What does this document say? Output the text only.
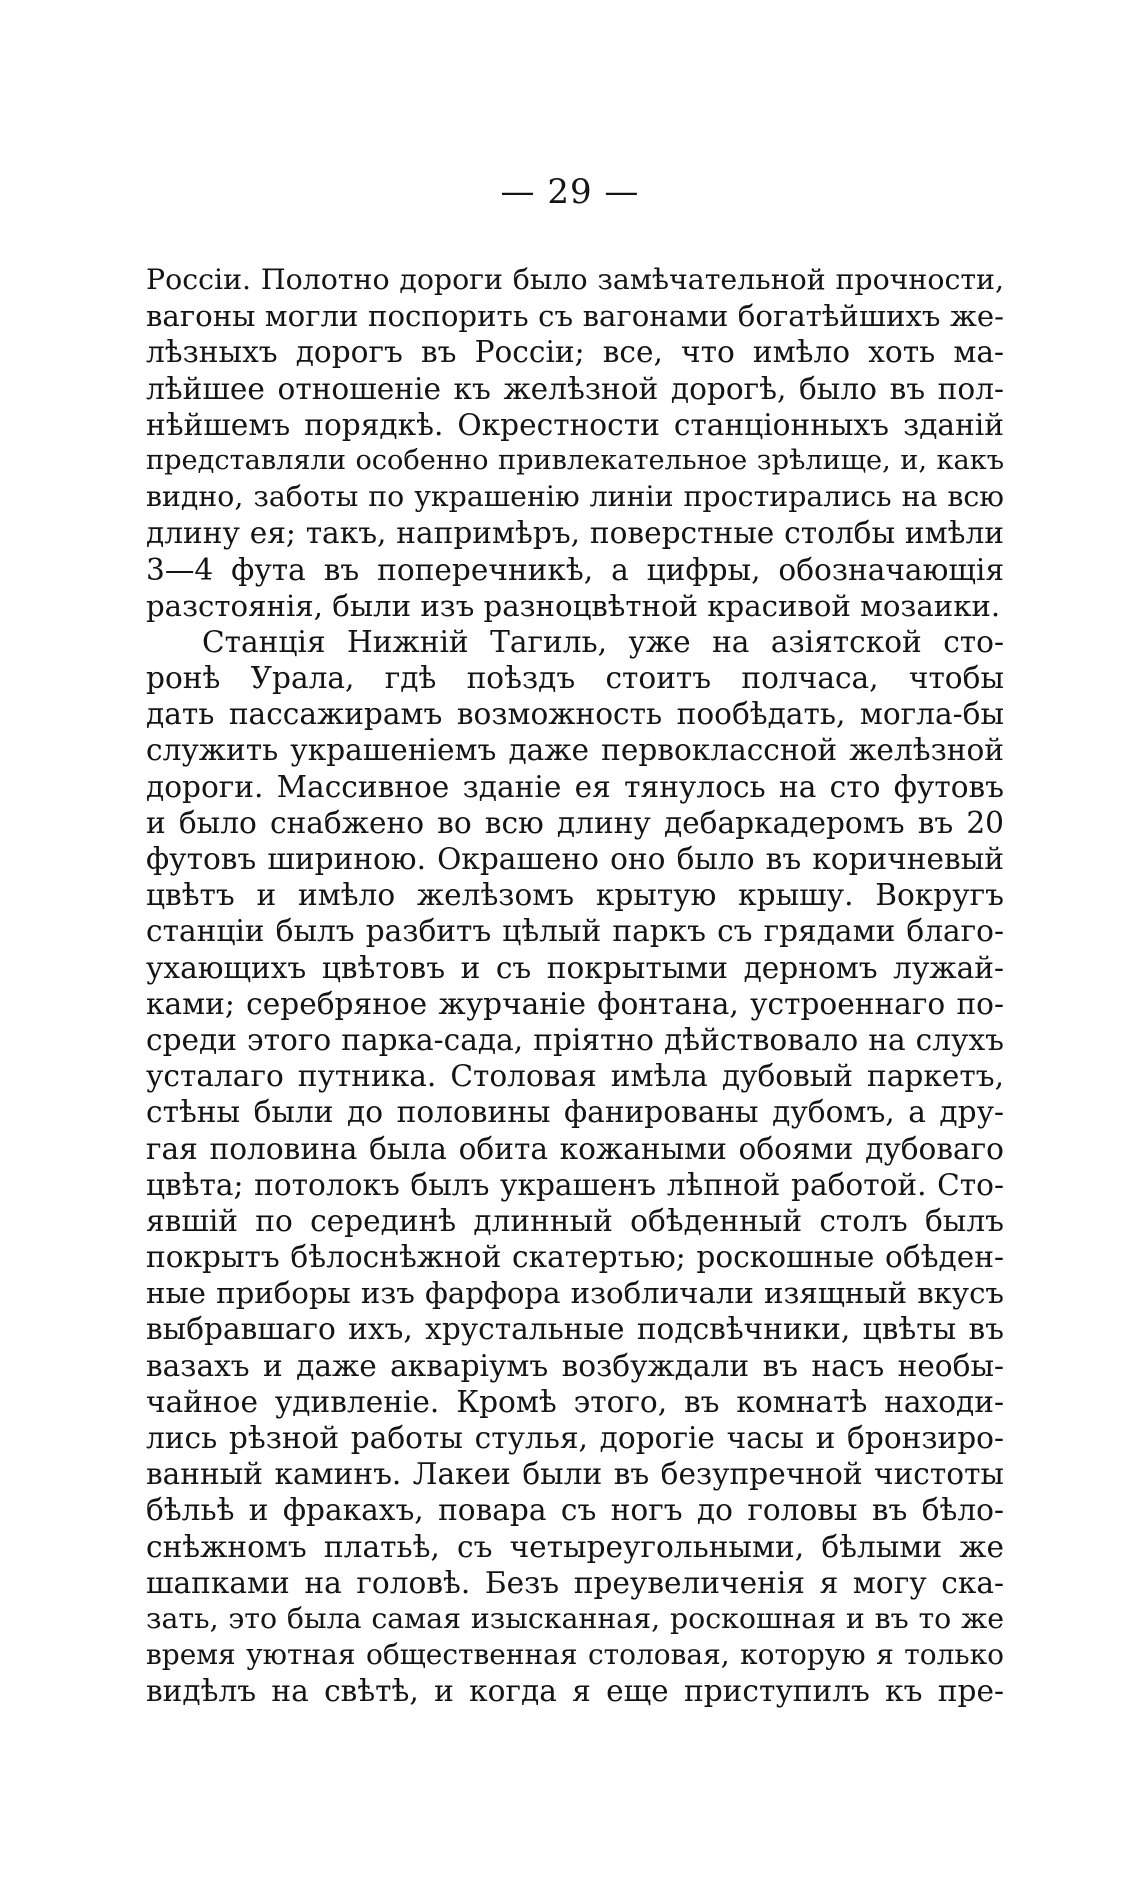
— 29 —
Россіи. Полотно дороги было замѣчательной прочности,
вагоны могли поспорить съ вагонами богатѣйшихъ же-
лѣзныхъ дорогъ въ Россіи; все, что имѣло хоть ма-
лѣйшее отношеніе къ желѣзной дорогѣ, было въ пол-
нѣйшемъ порядкѣ. Окрестности станціонныхъ зданій
представляли особенно привлекательное зрѣлище, и, какъ
видно, заботы по украшенію линіи простирались на всю
длину ея; такъ, напримѣръ, поверстные столбы имѣли
3—4 фута въ поперечникѣ, а цифры, обозначающія
разстоянія, были изъ разноцвѣтной красивой мозаики.
Станція Нижній Тагиль, уже на азіятской сто-
ронѣ Урала, гдѣ поѣздъ стоитъ полчаса, чтобы
дать пассажирамъ возможность пообѣдать, могла-бы
служить украшеніемъ даже первоклассной желѣзной
дороги. Массивное зданіе ея тянулось на сто футовъ
и было снабжено во всю длину дебаркадеромъ въ 20
футовъ шириною. Окрашено оно было въ коричневый
цвѣтъ и имѣло желѣзомъ крытую крышу. Вокругъ
станціи былъ разбитъ цѣлый паркъ съ грядами благо-
ухающихъ цвѣтовъ и съ покрытыми дерномъ лужай-
ками; серебряное журчаніе фонтана, устроеннаго по-
среди этого парка-сада, пріятно дѣйствовало на слухъ
усталаго путника. Столовая имѣла дубовый паркетъ,
стѣны были до половины фанированы дубомъ, а дру-
гая половина была обита кожаными обоями дубоваго
цвѣта; потолокъ былъ украшенъ лѣпной работой. Сто-
явшій по серединѣ длинный обѣденный столъ былъ
покрытъ бѣлоснѣжной скатертью; роскошные обѣден-
ные приборы изъ фарфора изобличали изящный вкусъ
выбравшаго ихъ, хрустальные подсвѣчники, цвѣты въ
вазахъ и даже акваріумъ возбуждали въ насъ необы-
чайное удивленіе. Кромѣ этого, въ комнатѣ находи-
лись рѣзной работы стулья, дорогіе часы и бронзиро-
ванный каминъ. Лакеи были въ безупречной чистоты
бѣльѣ и фракахъ, повара съ ногъ до головы въ бѣло-
снѣжномъ платьѣ, съ четыреугольными, бѣлыми же
шапками на головѣ. Безъ преувеличенія я могу ска-
зать, это была самая изысканная, роскошная и въ то же
время уютная общественная столовая, которую я только
видѣлъ на свѣтѣ, и когда я еще приступилъ къ пре-
